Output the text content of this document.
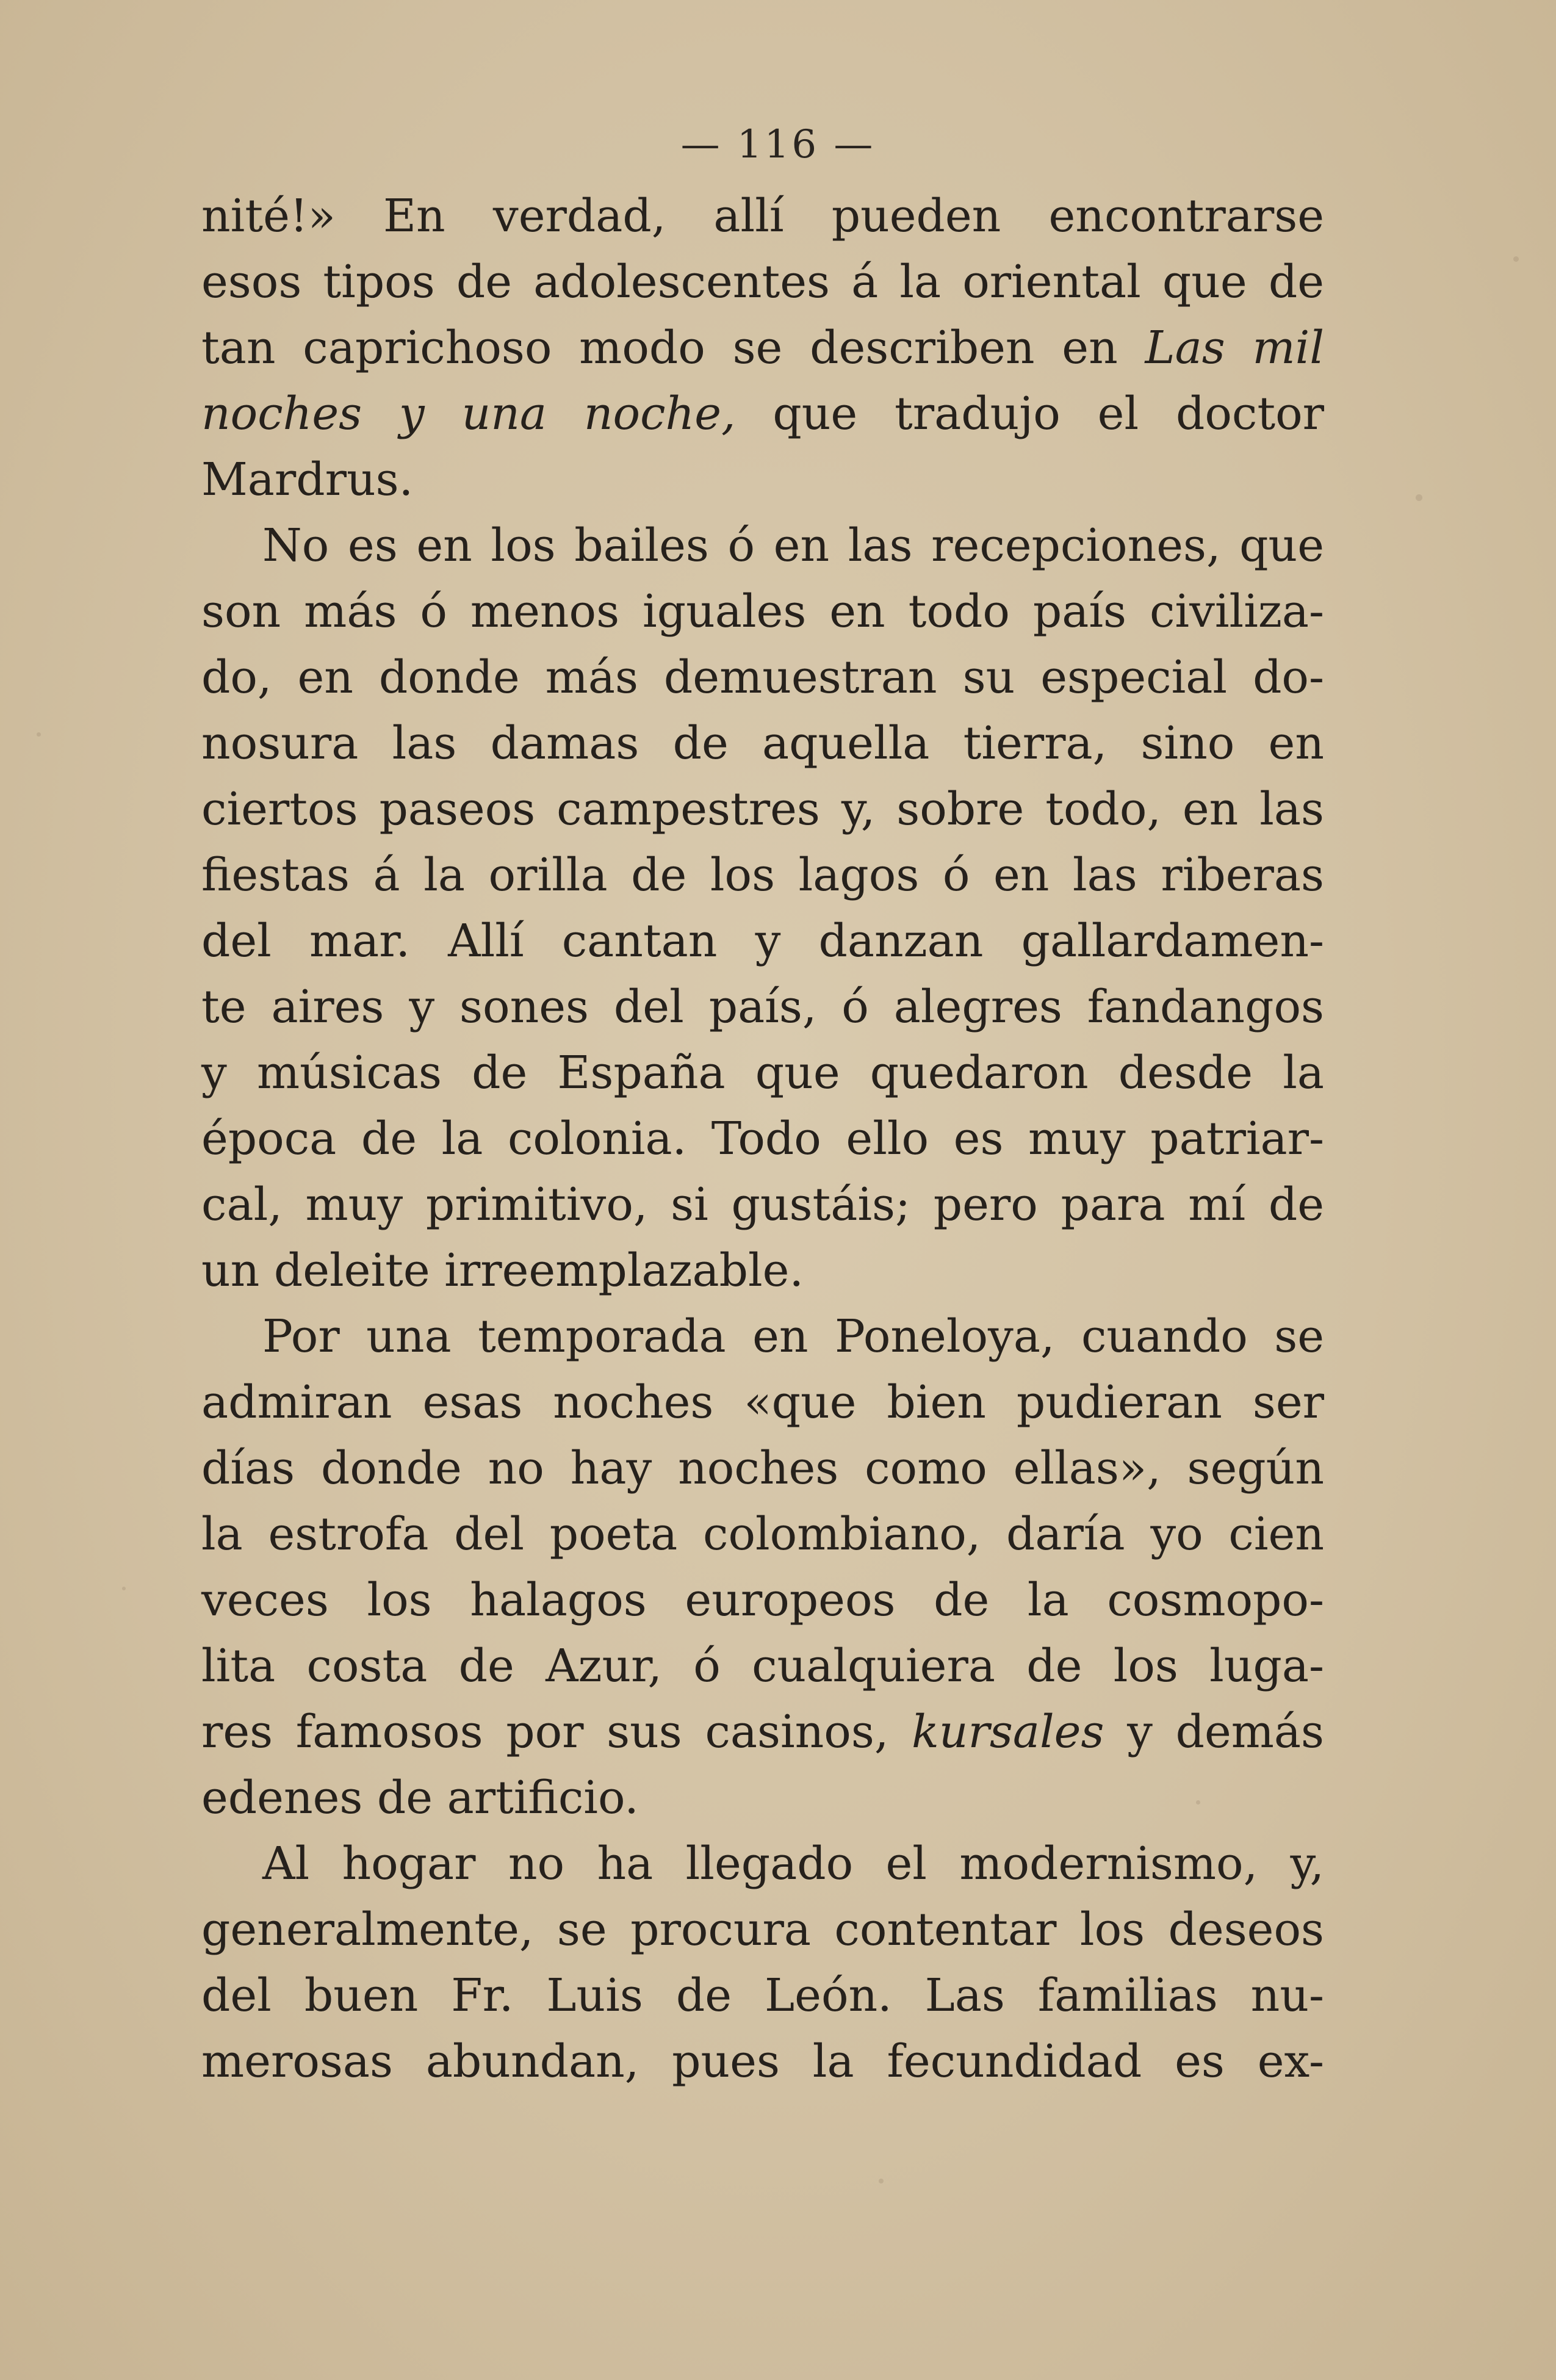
— 116 —
nité!» En verdad, allí pueden encontrarse
esos tipos de adolescentes á la oriental que de
tan caprichoso modo se describen en Las mil
noches y una noche, que tradujo el doctor
Mardrus.
No es en los bailes ó en las recepciones, que
son más ó menos iguales en todo país civiliza-
do, en donde más demuestran su especial do-
nosura las damas de aquella tierra, sino en
ciertos paseos campestres y, sobre todo, en las
fiestas á la orilla de los lagos ó en las riberas
del mar. Allí cantan y danzan gallardamen-
te aires y sones del país, ó alegres fandangos
y músicas de España que quedaron desde la
época de la colonia. Todo ello es muy patriar-
cal, muy primitivo, si gustáis; pero para mí de
un deleite irreemplazable.
Por una temporada en Poneloya, cuando se
admiran esas noches «que bien pudieran ser
días donde no hay noches como ellas», según
la estrofa del poeta colombiano, daría yo cien
veces los halagos europeos de la cosmopo-
lita costa de Azur, ó cualquiera de los luga-
res famosos por sus casinos, kursales y demás
edenes de artificio.
Al hogar no ha llegado el modernismo, y,
generalmente, se procura contentar los deseos
del buen Fr. Luis de León. Las familias nu-
merosas abundan, pues la fecundidad es ex-
